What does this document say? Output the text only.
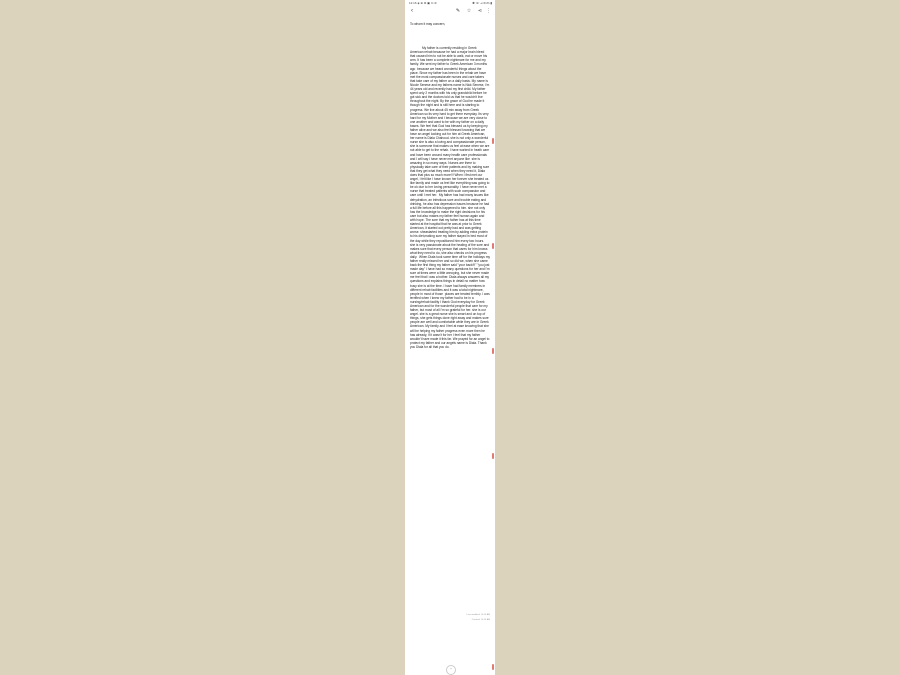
12:16 ◈ ⊕ ⊗ ▣ ⊡ ⊘	✱ ☏ ⊿ 61% ▮
‹	✎ ☆ ⋖ ⋮

To whom it may concern,

My father is currently residing in Greek American rehab because he had a major brain bleed that caused him to not be able to walk, eat or move his arm. It has been a complete nightmare for me and my family. We sent my father to Greek American 3 months ago  because we heard wonderful things about the place. Since my father has been in the rehab we have met the most compassionate nurses and care takers that take care of my father on a daily basis. My name is Nicole Senese and my fathers name is Nick Senese, I'm 44 years old and recently had my first child. My father spent only 2 months with his only grandchild before he got sick and the doctors told us that he wouldn't live throughout the night. By the grace of God he made it though the night and is still here and is starting to progress. We live about 45 min away from Greek American so its very hard to get there everyday. Its very hard for my Mother and I because we are very close to one another and want to be with my father on a daily bases. We feel that God has blessed us by keeping my father alive and we also feel blessed knowing that we have an angel looking out for him at Greek American, her name is Diala Chahoud. she is not only a wonderful nurse she is also a loving and compassionate person, she is someone that makes us feel at ease when we are not able to get to the rehab. I have worked in heath care and have been around many health care professionals and I will say I have never met anyone like  she is amazing in so many ways. Nurses are there to physically take care of their patients and by making sure that they get what they need when they need it, Diala does that plus so much more!!! When I first met our angel, I felt like I have known her forever she treated us like family and made us feel like everything was going to be ok due to her loving personality. I have never met a nurse that treated patients with such compassion and care until I met her.  My father has had many issues like  dehydration, an infectious sore and trouble eating and drinking, he also has depression issues because he had a full life before all this happened to him. she not only has the knowledge to make the right decisions for his care but also makes my father feel human again and with hope. The sore that my father has at this time started at the hospital that he was at prior to Greek American, it started out pretty bad and was getting worse. sheastarted treating him by adding extra protein to his diet,making sure my father stayed in bed most of the day while they repositioned him every two hours. she is very passionate about the healing of the sore and makes sure that every person that cares for him knows what they need to do, she also checks on his progress daily.  When Diala took some time off for the holidays my father really missed her and so did we, when she came back the first thing my father said "your back!!!" "you just made day" I have had so many questions for her and I'm sure at times were a little annoying, but she never made me feel that I was a bother. Diala always answers all my questions and explains things in detail no matter how busy she is at the time. I have had family members in different rehab facilities and it was a total nightmare, people in most of those  places are treated terribly. I was terrified when I knew my father had to be in a nursing/rehab facility I thank God everyday for Greek American and for the wonderful people that care for my father, but most of all I'm so grateful for her. she is our angel. she is a great nurse she is smart and on top of things, she gets things done right away and makes sure people are well and comfortable while they are in Greek American. My family and I feel at ease knowing that she will be helping my father progress even more then he has already, if it wasn't for her I feel that my father wouldn't have made it this far. We prayed for an angel to protect my father and our angels name is Diala. Thank you Diala for all that you do.

Last modified: 10:14 AM
Created: 10:14 AM
⌃
